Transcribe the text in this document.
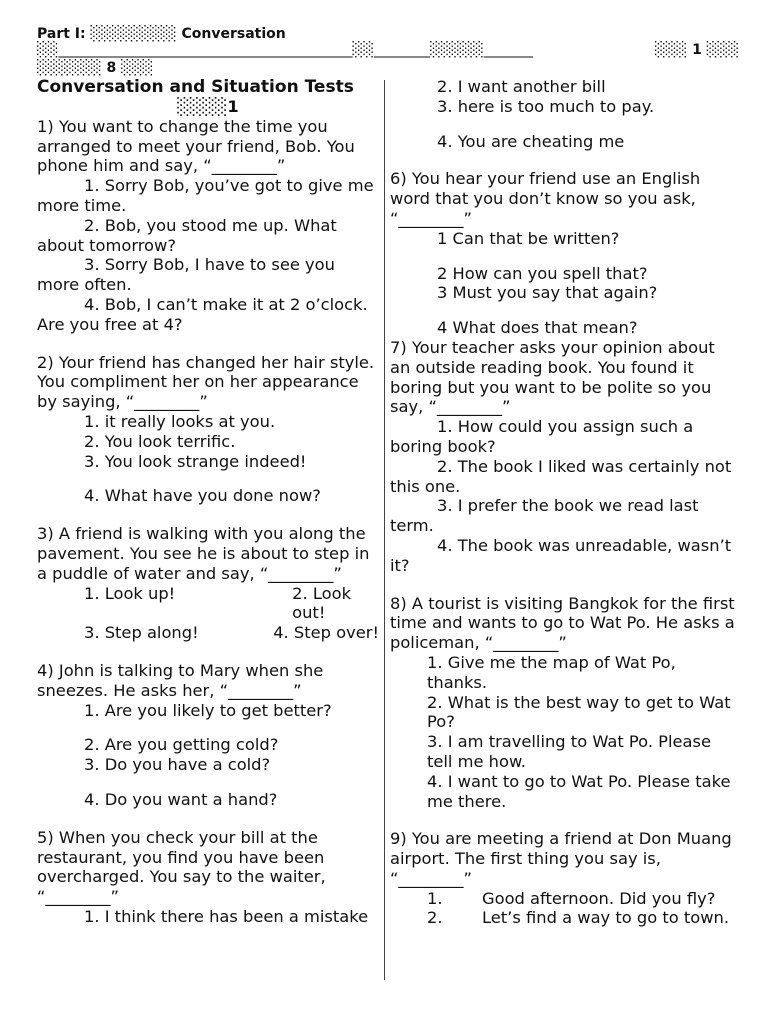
Part I: ░░░░░░░░ Conversation
░░__________________________________________░░________░░░░░_______	░░░ 1 ░░░
░░░░░░ 8 ░░░

Conversation and Situation Tests

░░░░1

1) You want to change the time you arranged to meet your friend, Bob. You phone him and say, “________”

1. Sorry Bob, you’ve got to give me more time.

2. Bob, you stood me up. What about tomorrow?

3. Sorry Bob, I have to see you more often.

4. Bob, I can’t make it at 2 o’clock. Are you free at 4?

2) Your friend has changed her hair style. You compliment her on her appearance by saying, “________”

1. it really looks at you.

2. You look terrific.

3. You look strange indeed!

4. What have you done now?

3) A friend is walking with you along the pavement. You see he is about to step in a puddle of water and say, “________”

1. Look up!	2. Look out!
3. Step along!	4. Step over!

4) John is talking to Mary when she sneezes. He asks her, “________”

1. Are you likely to get better?

2. Are you getting cold?

3. Do you have a cold?

4. Do you want a hand?

5) When you check your bill at the restaurant, you find you have been overcharged. You say to the waiter, “________”

1. I think there has been a mistake

2. I want another bill

3. here is too much to pay.

4. You are cheating me

6) You hear your friend use an English word that you don’t know so you ask, “________”

1 Can that be written?

2 How can you spell that?

3 Must you say that again?

4 What does that mean?

7) Your teacher asks your opinion about an outside reading book. You found it boring but you want to be polite so you say, “________”

1. How could you assign such a boring book?

2. The book I liked was certainly not this one.

3. I prefer the book we read last term.

4. The book was unreadable, wasn’t it?

8) A tourist is visiting Bangkok for the first time and wants to go to Wat Po. He asks a policeman, “________”

1. Give me the map of Wat Po, thanks.

2. What is the best way to get to Wat Po?

3. I am travelling to Wat Po. Please tell me how.

4. I want to go to Wat Po. Please take me there.

9) You are meeting a friend at Don Muang airport. The first thing you say is, “________”

1. Good afternoon. Did you fly?

2. Let’s find a way to go to town.
